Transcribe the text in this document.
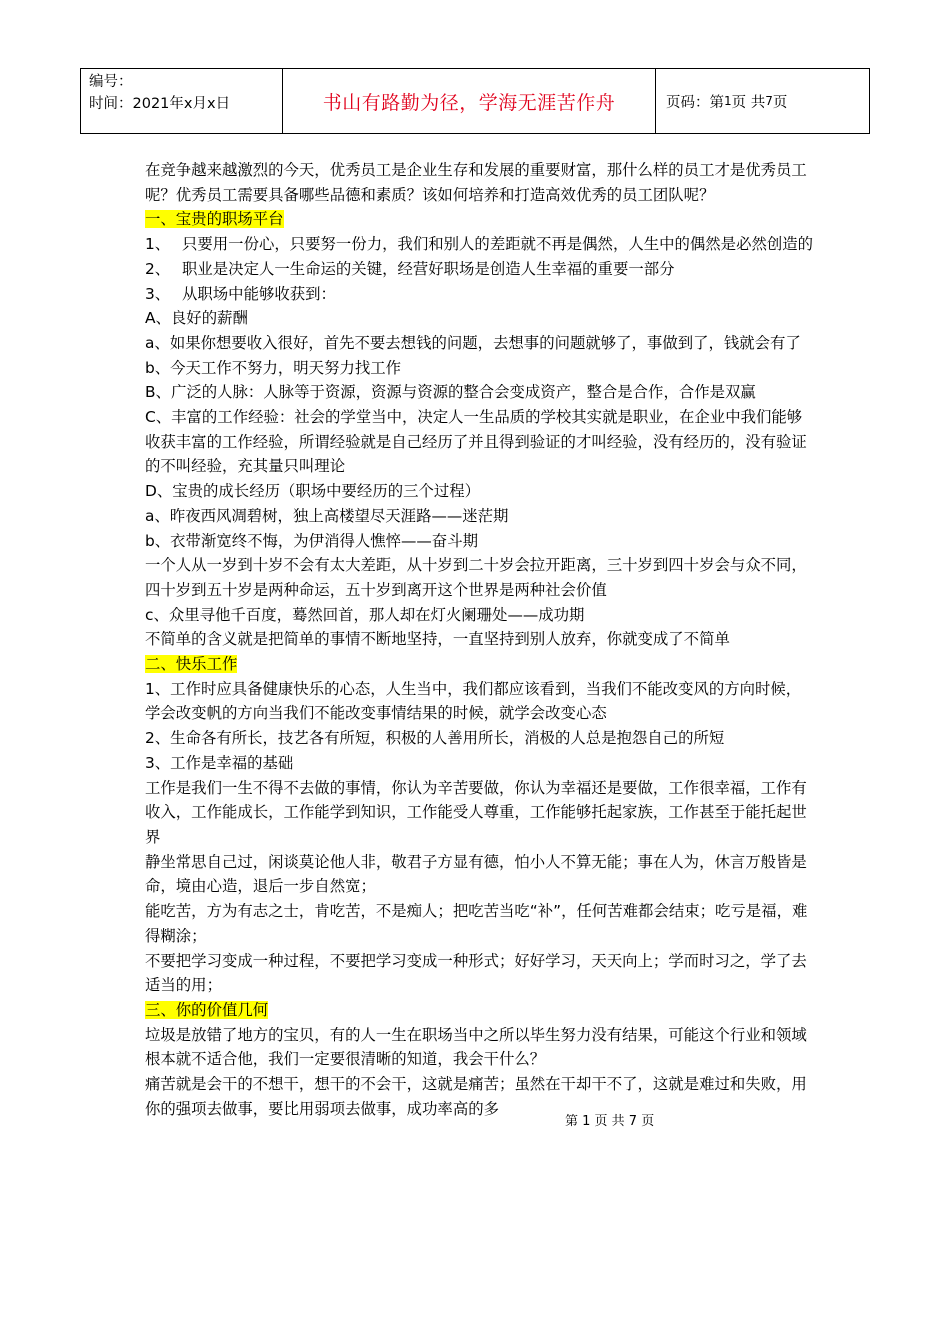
编号：
时间：2021年x月x日	书山有路勤为径，学海无涯苦作舟	页码：第 1 页 共 7 页

在竞争越来越激烈的今天，优秀员工是企业生存和发展的重要财富，那什么样的员工才是优秀员工呢？优秀员工需要具备哪些品德和素质？该如何培养和打造高效优秀的员工团队呢？

一、宝贵的职场平台

1、 只要用一份心，只要努一份力，我们和别人的差距就不再是偶然，人生中的偶然是必然创造的
2、 职业是决定人一生命运的关键，经营好职场是创造人生幸福的重要一部分
3、 从职场中能够收获到：

A、良好的薪酬

a、如果你想要收入很好，首先不要去想钱的问题，去想事的问题就够了，事做到了，钱就会有了

b、今天工作不努力，明天努力找工作

B、广泛的人脉：人脉等于资源，资源与资源的整合会变成资产，整合是合作，合作是双赢

C、丰富的工作经验：社会的学堂当中，决定人一生品质的学校其实就是职业，在企业中我们能够收获丰富的工作经验，所谓经验就是自己经历了并且得到验证的才叫经验，没有经历的，没有验证的不叫经验，充其量只叫理论

D、宝贵的成长经历（职场中要经历的三个过程）

a、昨夜西风凋碧树，独上高楼望尽天涯路——迷茫期

b、衣带渐宽终不悔，为伊消得人憔悴——奋斗期

一个人从一岁到十岁不会有太大差距，从十岁到二十岁会拉开距离，三十岁到四十岁会与众不同，四十岁到五十岁是两种命运，五十岁到离开这个世界是两种社会价值

c、众里寻他千百度，蓦然回首，那人却在灯火阑珊处——成功期

不简单的含义就是把简单的事情不断地坚持，一直坚持到别人放弃，你就变成了不简单

二、快乐工作

1、工作时应具备健康快乐的心态，人生当中，我们都应该看到，当我们不能改变风的方向时候，学会改变帆的方向当我们不能改变事情结果的时候，就学会改变心态

2、生命各有所长，技艺各有所短，积极的人善用所长，消极的人总是抱怨自己的所短

3、工作是幸福的基础

工作是我们一生不得不去做的事情，你认为辛苦要做，你认为幸福还是要做，工作很幸福，工作有收入，工作能成长，工作能学到知识，工作能受人尊重，工作能够托起家族，工作甚至于能托起世界

静坐常思自己过，闲谈莫论他人非，敬君子方显有德，怕小人不算无能；事在人为，休言万般皆是命，境由心造，退后一步自然宽；

能吃苦，方为有志之士，肯吃苦，不是痴人；把吃苦当吃“补”，任何苦难都会结束；吃亏是福，难得糊涂；

不要把学习变成一种过程，不要把学习变成一种形式；好好学习，天天向上；学而时习之，学了去适当的用；

三、你的价值几何

垃圾是放错了地方的宝贝，有的人一生在职场当中之所以毕生努力没有结果，可能这个行业和领域根本就不适合他，我们一定要很清晰的知道，我会干什么？

痛苦就是会干的不想干，想干的不会干，这就是痛苦；虽然在干却干不了，这就是难过和失败，用你的强项去做事，要比用弱项去做事，成功率高的多

第 1 页 共 7 页
